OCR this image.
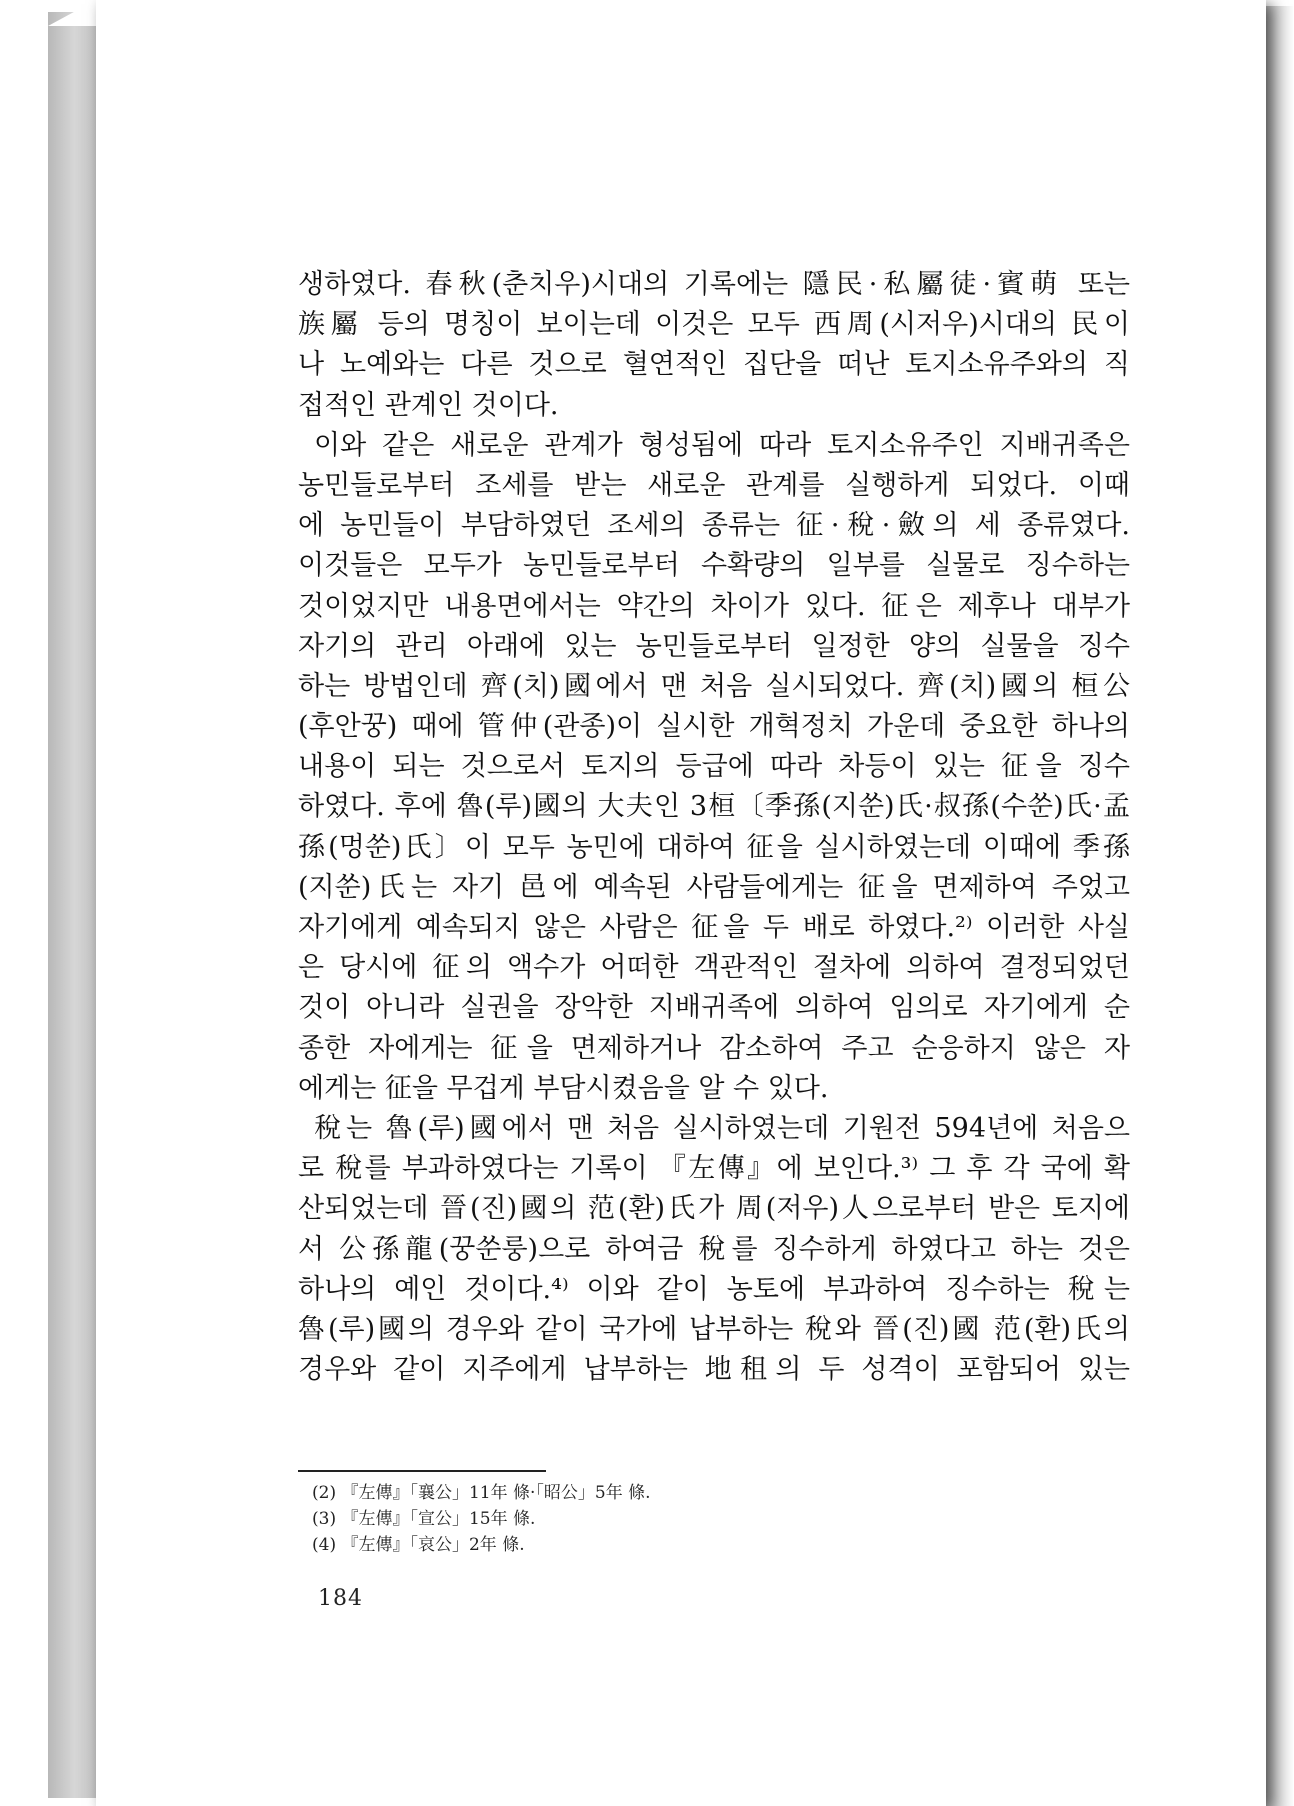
생하였다. 春秋(춘치우)시대의 기록에는 隱民·私屬徒·賓萌 또는
族屬 등의 명칭이 보이는데 이것은 모두 西周(시저우)시대의 民이
나 노예와는 다른 것으로 혈연적인 집단을 떠난 토지소유주와의 직
접적인 관계인 것이다.
이와 같은 새로운 관계가 형성됨에 따라 토지소유주인 지배귀족은
농민들로부터 조세를 받는 새로운 관계를 실행하게 되었다. 이때
에 농민들이 부담하였던 조세의 종류는 征·稅·斂의 세 종류였다.
이것들은 모두가 농민들로부터 수확량의 일부를 실물로 징수하는
것이었지만 내용면에서는 약간의 차이가 있다. 征은 제후나 대부가
자기의 관리 아래에 있는 농민들로부터 일정한 양의 실물을 징수
하는 방법인데 齊(치)國에서 맨 처음 실시되었다. 齊(치)國의 桓公
(후안꿍) 때에 管仲(관종)이 실시한 개혁정치 가운데 중요한 하나의
내용이 되는 것으로서 토지의 등급에 따라 차등이 있는 征을 징수
하였다. 후에 魯(루)國의 大夫인 3桓〔季孫(지쑨)氏·叔孫(수쑨)氏·孟
孫(멍쑨)氏〕이 모두 농민에 대하여 征을 실시하였는데 이때에 季孫
(지쑨)氏는 자기 邑에 예속된 사람들에게는 征을 면제하여 주었고
자기에게 예속되지 않은 사람은 征을 두 배로 하였다.²⁾ 이러한 사실
은 당시에 征의 액수가 어떠한 객관적인 절차에 의하여 결정되었던
것이 아니라 실권을 장악한 지배귀족에 의하여 임의로 자기에게 순
종한 자에게는 征을 면제하거나 감소하여 주고 순응하지 않은 자
에게는 征을 무겁게 부담시켰음을 알 수 있다.
稅는 魯(루)國에서 맨 처음 실시하였는데 기원전 594년에 처음으
로 稅를 부과하였다는 기록이 『左傳』에 보인다.³⁾ 그 후 각 국에 확
산되었는데 晉(진)國의 范(환)氏가 周(저우)人으로부터 받은 토지에
서 公孫龍(꿍쑨룽)으로 하여금 稅를 징수하게 하였다고 하는 것은
하나의 예인 것이다.⁴⁾ 이와 같이 농토에 부과하여 징수하는 稅는
魯(루)國의 경우와 같이 국가에 납부하는 稅와 晉(진)國 范(환)氏의
경우와 같이 지주에게 납부하는 地租의 두 성격이 포함되어 있는
(2) 『左傳』「襄公」11年 條·「昭公」5年 條.
(3) 『左傳』「宣公」15年 條.
(4) 『左傳』「哀公」2年 條.
184
